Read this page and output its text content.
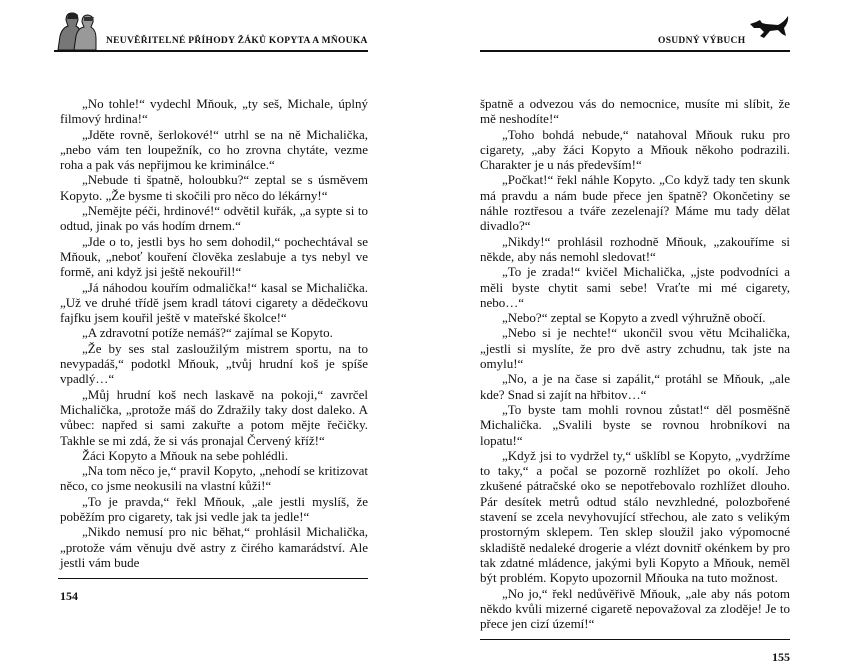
NEUVĚŘITELNÉ PŘÍHODY ŽÁKŮ KOPYTA A MŇOUKA

„No tohle!“ vydechl Mňouk, „ty seš, Michale, úplný filmový hrdina!“

„Jděte rovně, šerlokové!“ utrhl se na ně Michalička, „nebo vám ten loupežník, co ho zrovna chytáte, vezme roha a pak vás nepřijmou ke kriminálce.“

„Nebude ti špatně, holoubku?“ zeptal se s úsměvem Kopyto. „Že bysme ti skočili pro něco do lékárny!“

„Nemějte péči, hrdinové!“ odvětil kuřák, „a sypte si to odtud, jinak po vás hodím drnem.“

„Jde o to, jestli bys ho sem dohodil,“ pochechtával se Mňouk, „neboť kouření člověka zeslabuje a tys nebyl ve formě, ani když jsi ještě nekouřil!“

„Já náhodou kouřím odmalička!“ kasal se Michalička. „Už ve druhé třídě jsem kradl tátovi cigarety a dědečkovu fajfku jsem kouřil ještě v mateřské školce!“

„A zdravotní potíže nemáš?“ zajímal se Kopyto.

„Že by ses stal zasloužilým mistrem sportu, na to nevypadáš,“ podotkl Mňouk, „tvůj hrudní koš je spíše vpadlý…“

„Můj hrudní koš nech laskavě na pokoji,“ zavrčel Michalička, „protože máš do Zdražily taky dost daleko. A vůbec: napřed si sami zakuřte a potom mějte řečičky. Takhle se mi zdá, že si vás pronajal Červený kříž!“

Žáci Kopyto a Mňouk na sebe pohlédli.

„Na tom něco je,“ pravil Kopyto, „nehodí se kritizovat něco, co jsme neokusili na vlastní kůži!“

„To je pravda,“ řekl Mňouk, „ale jestli myslíš, že poběžím pro cigarety, tak jsi vedle jak ta jedle!“

„Nikdo nemusí pro nic běhat,“ prohlásil Michalička, „protože vám věnuju dvě astry z čirého kamarádství. Ale jestli vám bude

154
OSUDNÝ VÝBUCH

špatně a odvezou vás do nemocnice, musíte mi slíbit, že mě neshodíte!“

„Toho bohdá nebude,“ natahoval Mňouk ruku pro cigarety, „aby žáci Kopyto a Mňouk někoho podrazili. Charakter je u nás především!“

„Počkat!“ řekl náhle Kopyto. „Co když tady ten skunk má pravdu a nám bude přece jen špatně? Okončetiny se náhle roztřesou a tváře zezelenají? Máme mu tady dělat divadlo?“

„Nikdy!“ prohlásil rozhodně Mňouk, „zakouříme si někde, aby nás nemohl sledovat!“

„To je zrada!“ kvičel Michalička, „jste podvodníci a měli byste chytit sami sebe! Vraťte mi mé cigarety, nebo…“

„Nebo?“ zeptal se Kopyto a zvedl výhružně obočí.

„Nebo si je nechte!“ ukončil svou větu Mcihalička, „jestli si myslíte, že pro dvě astry zchudnu, tak jste na omylu!“

„No, a je na čase si zapálit,“ protáhl se Mňouk, „ale kde? Snad si zajít na hřbitov…“

„To byste tam mohli rovnou zůstat!“ děl posměšně Michalička. „Svalili byste se rovnou hrobníkovi na lopatu!“

„Když jsi to vydržel ty,“ ušklíbl se Kopyto, „vydržíme to taky,“ a počal se pozorně rozhlížet po okolí. Jeho zkušené pátračské oko se nepotřebovalo rozhlížet dlouho. Pár desítek metrů odtud stálo nevzhledné, polozbořené stavení se zcela nevyhovující střechou, ale zato s velikým prostorným sklepem. Ten sklep sloužil jako výpomocné skladiště nedaleké drogerie a vlézt dovnitř okénkem by pro tak zdatné mládence, jakými byli Kopyto a Mňouk, neměl být problém. Kopyto upozornil Mňouka na tuto možnost.

„No jo,“ řekl nedůvěřivě Mňouk, „ale aby nás potom někdo kvůli mizerné cigaretě nepovažoval za zloděje! Je to přece jen cizí území!“

155
